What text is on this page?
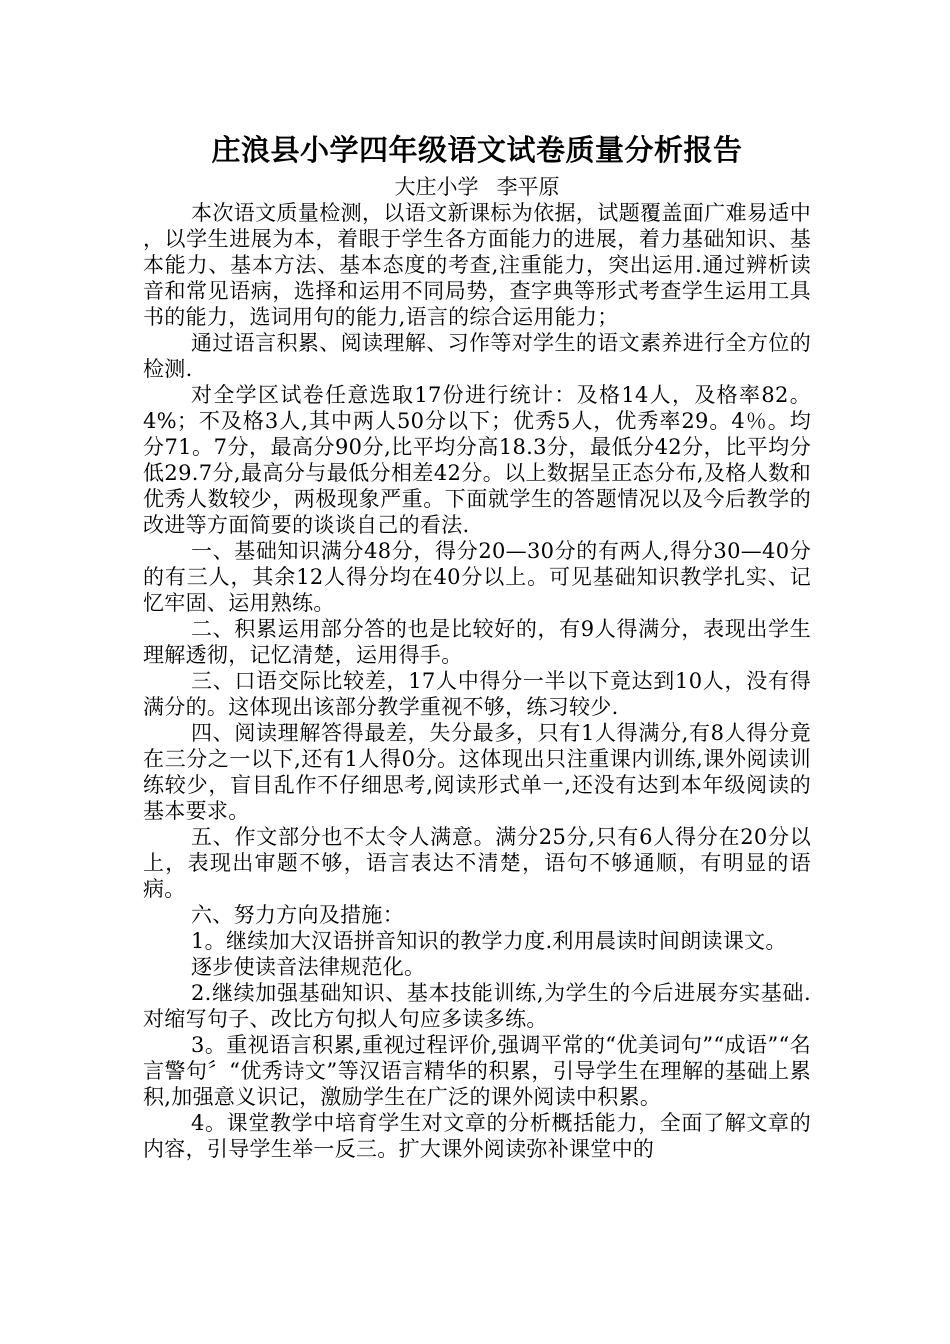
庄浪县小学四年级语文试卷质量分析报告

大庄小学 李平原

本次语文质量检测，以语文新课标为依据，试题覆盖面广难易适中 ，以学生进展为本，着眼于学生各方面能力的进展，着力基础知识、基本能力、基本方法、基本态度的考查,注重能力，突出运用.通过辨析读音和常见语病，选择和运用不同局势，查字典等形式考查学生运用工具书的能力，选词用句的能力,语言的综合运用能力；

通过语言积累、阅读理解、习作等对学生的语文素养进行全方位的检测.

对全学区试卷任意选取17份进行统计：及格14人，及格率82。4%；不及格3人,其中两人50分以下；优秀5人，优秀率29。4％。均分71。7分，最高分90分,比平均分高18.3分，最低分42分，比平均分低29.7分,最高分与最低分相差42分。以上数据呈正态分布,及格人数和优秀人数较少，两极现象严重。下面就学生的答题情况以及今后教学的改进等方面简要的谈谈自己的看法.

一、基础知识满分48分，得分20—30分的有两人,得分30—40分的有三人，其余12人得分均在40分以上。可见基础知识教学扎实、记忆牢固、运用熟练。

二、积累运用部分答的也是比较好的，有9人得满分，表现出学生理解透彻，记忆清楚，运用得手。

三、口语交际比较差，17人中得分一半以下竟达到10人，没有得满分的。这体现出该部分教学重视不够，练习较少.

四、阅读理解答得最差，失分最多，只有1人得满分,有8人得分竟在三分之一以下,还有1人得0分。这体现出只注重课内训练,课外阅读训练较少，盲目乱作不仔细思考,阅读形式单一,还没有达到本年级阅读的基本要求。

五、作文部分也不太令人满意。满分25分,只有6人得分在20分以上，表现出审题不够，语言表达不清楚，语句不够通顺，有明显的语病。

六、努力方向及措施：

1。继续加大汉语拼音知识的教学力度.利用晨读时间朗读课文。

逐步使读音法律规范化。

2.继续加强基础知识、基本技能训练,为学生的今后进展夯实基础.对缩写句子、改比方句拟人句应多读多练。

3。重视语言积累,重视过程评价,强调平常的“优美词句”“成语”“名言警句〞“优秀诗文”等汉语言精华的积累，引导学生在理解的基础上累积,加强意义识记，激励学生在广泛的课外阅读中积累。

4。课堂教学中培育学生对文章的分析概括能力，全面了解文章的内容，引导学生举一反三。扩大课外阅读弥补课堂中的
